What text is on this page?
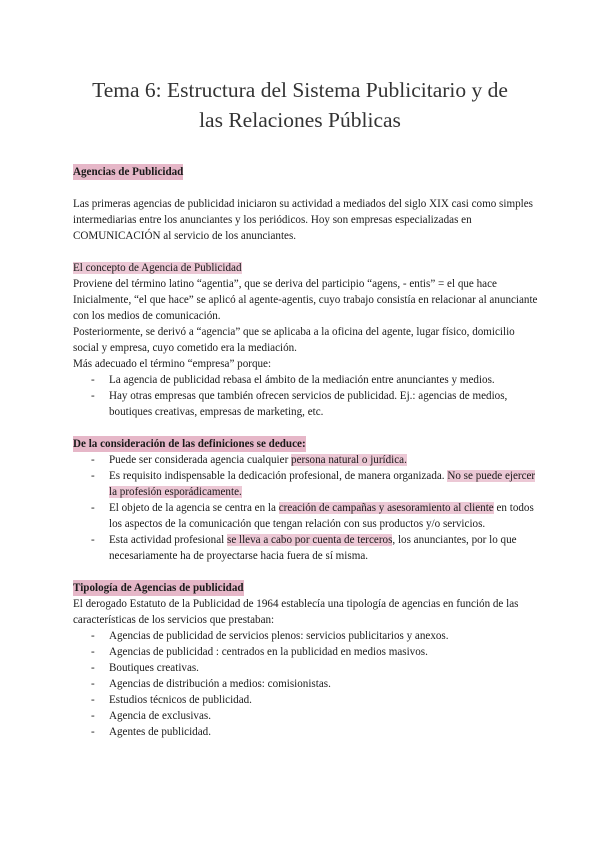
Tema 6: Estructura del Sistema Publicitario y de
las Relaciones Públicas
Agencias de Publicidad

Las primeras agencias de publicidad iniciaron su actividad a mediados del siglo XIX casi como simples intermediarias entre los anunciantes y los periódicos. Hoy son empresas especializadas en COMUNICACIÓN al servicio de los anunciantes.

El concepto de Agencia de Publicidad

Proviene del término latino “agentia”, que se deriva del participio “agens, - entis” = el que hace Inicialmente, “el que hace” se aplicó al agente-agentis, cuyo trabajo consistía en relacionar al anunciante con los medios de comunicación.

Posteriormente, se derivó a “agencia” que se aplicaba a la oficina del agente, lugar físico, domicilio social y empresa, cuyo cometido era la mediación.

Más adecuado el término “empresa” porque:

- La agencia de publicidad rebasa el ámbito de la mediación entre anunciantes y medios.
- Hay otras empresas que también ofrecen servicios de publicidad. Ej.: agencias de medios, boutiques creativas, empresas de marketing, etc.
De la consideración de las definiciones se deduce:
- Puede ser considerada agencia cualquier persona natural o jurídica.
- Es requisito indispensable la dedicación profesional, de manera organizada. No se puede ejercer la profesión esporádicamente.
- El objeto de la agencia se centra en la creación de campañas y asesoramiento al cliente en todos los aspectos de la comunicación que tengan relación con sus productos y/o servicios.
- Esta actividad profesional se lleva a cabo por cuenta de terceros, los anunciantes, por lo que necesariamente ha de proyectarse hacia fuera de sí misma.
Tipología de Agencias de publicidad

El derogado Estatuto de la Publicidad de 1964 establecía una tipología de agencias en función de las características de los servicios que prestaban:

- Agencias de publicidad de servicios plenos: servicios publicitarios y anexos.
- Agencias de publicidad : centrados en la publicidad en medios masivos.
- Boutiques creativas.
- Agencias de distribución a medios: comisionistas.
- Estudios técnicos de publicidad.
- Agencia de exclusivas.
- Agentes de publicidad.
